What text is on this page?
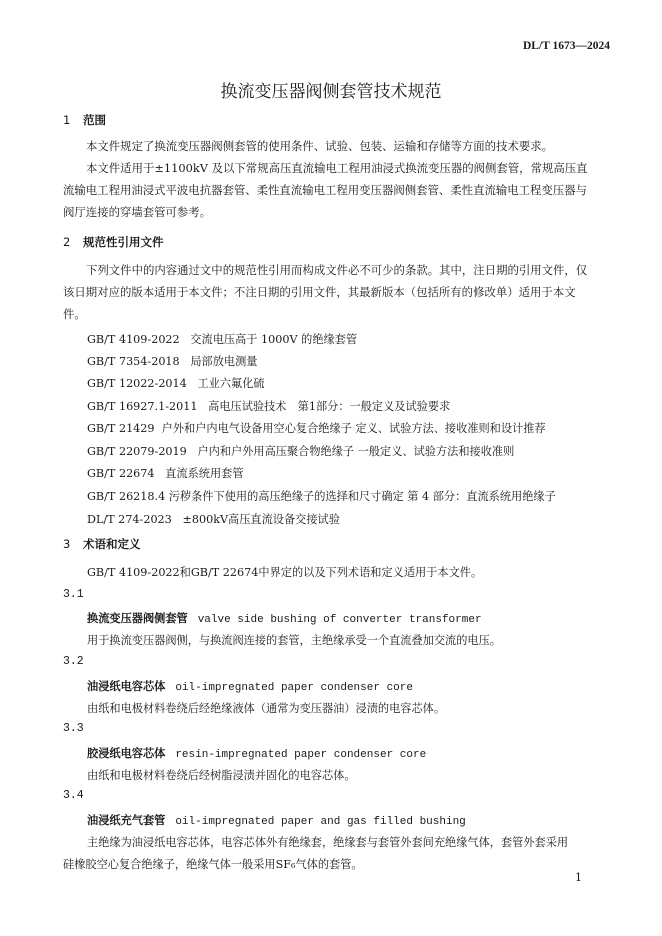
DL/T 1673—2024
换流变压器阀侧套管技术规范
1 范围
本文件规定了换流变压器阀侧套管的使用条件、试验、包装、运输和存储等方面的技术要求。
本文件适用于±1100kV 及以下常规高压直流输电工程用油浸式换流变压器的阀侧套管，常规高压直流输电工程用油浸式平波电抗器套管、柔性直流输电工程用变压器阀侧套管、柔性直流输电工程变压器与阀厅连接的穿墙套管可参考。
2 规范性引用文件
下列文件中的内容通过文中的规范性引用而构成文件必不可少的条款。其中，注日期的引用文件，仅该日期对应的版本适用于本文件；不注日期的引用文件，其最新版本（包括所有的修改单）适用于本文件。
GB/T 4109-2022 交流电压高于 1000V 的绝缘套管
GB/T 7354-2018 局部放电测量
GB/T 12022-2014 工业六氟化硫
GB/T 16927.1-2011 高电压试验技术　第1部分：一般定义及试验要求
GB/T 21429 户外和户内电气设备用空心复合绝缘子 定义、试验方法、接收准则和设计推荐
GB/T 22079-2019 户内和户外用高压聚合物绝缘子 一般定义、试验方法和接收准则
GB/T 22674 直流系统用套管
GB/T 26218.4 污秽条件下使用的高压绝缘子的选择和尺寸确定 第 4 部分：直流系统用绝缘子
DL/T 274-2023 ±800kV高压直流设备交接试验
3 术语和定义
GB/T 4109-2022和GB/T 22674中界定的以及下列术语和定义适用于本文件。
3.1
换流变压器阀侧套管 valve side bushing of converter transformer
用于换流变压器阀侧，与换流阀连接的套管，主绝缘承受一个直流叠加交流的电压。
3.2
油浸纸电容芯体 oil-impregnated paper condenser core
由纸和电极材料卷绕后经绝缘液体（通常为变压器油）浸渍的电容芯体。
3.3
胶浸纸电容芯体 resin-impregnated paper condenser core
由纸和电极材料卷绕后经树脂浸渍并固化的电容芯体。
3.4
油浸纸充气套管 oil-impregnated paper and gas filled bushing
主绝缘为油浸纸电容芯体，电容芯体外有绝缘套，绝缘套与套管外套间充绝缘气体，套管外套采用
硅橡胶空心复合绝缘子，绝缘气体一般采用SF₆气体的套管。
1
